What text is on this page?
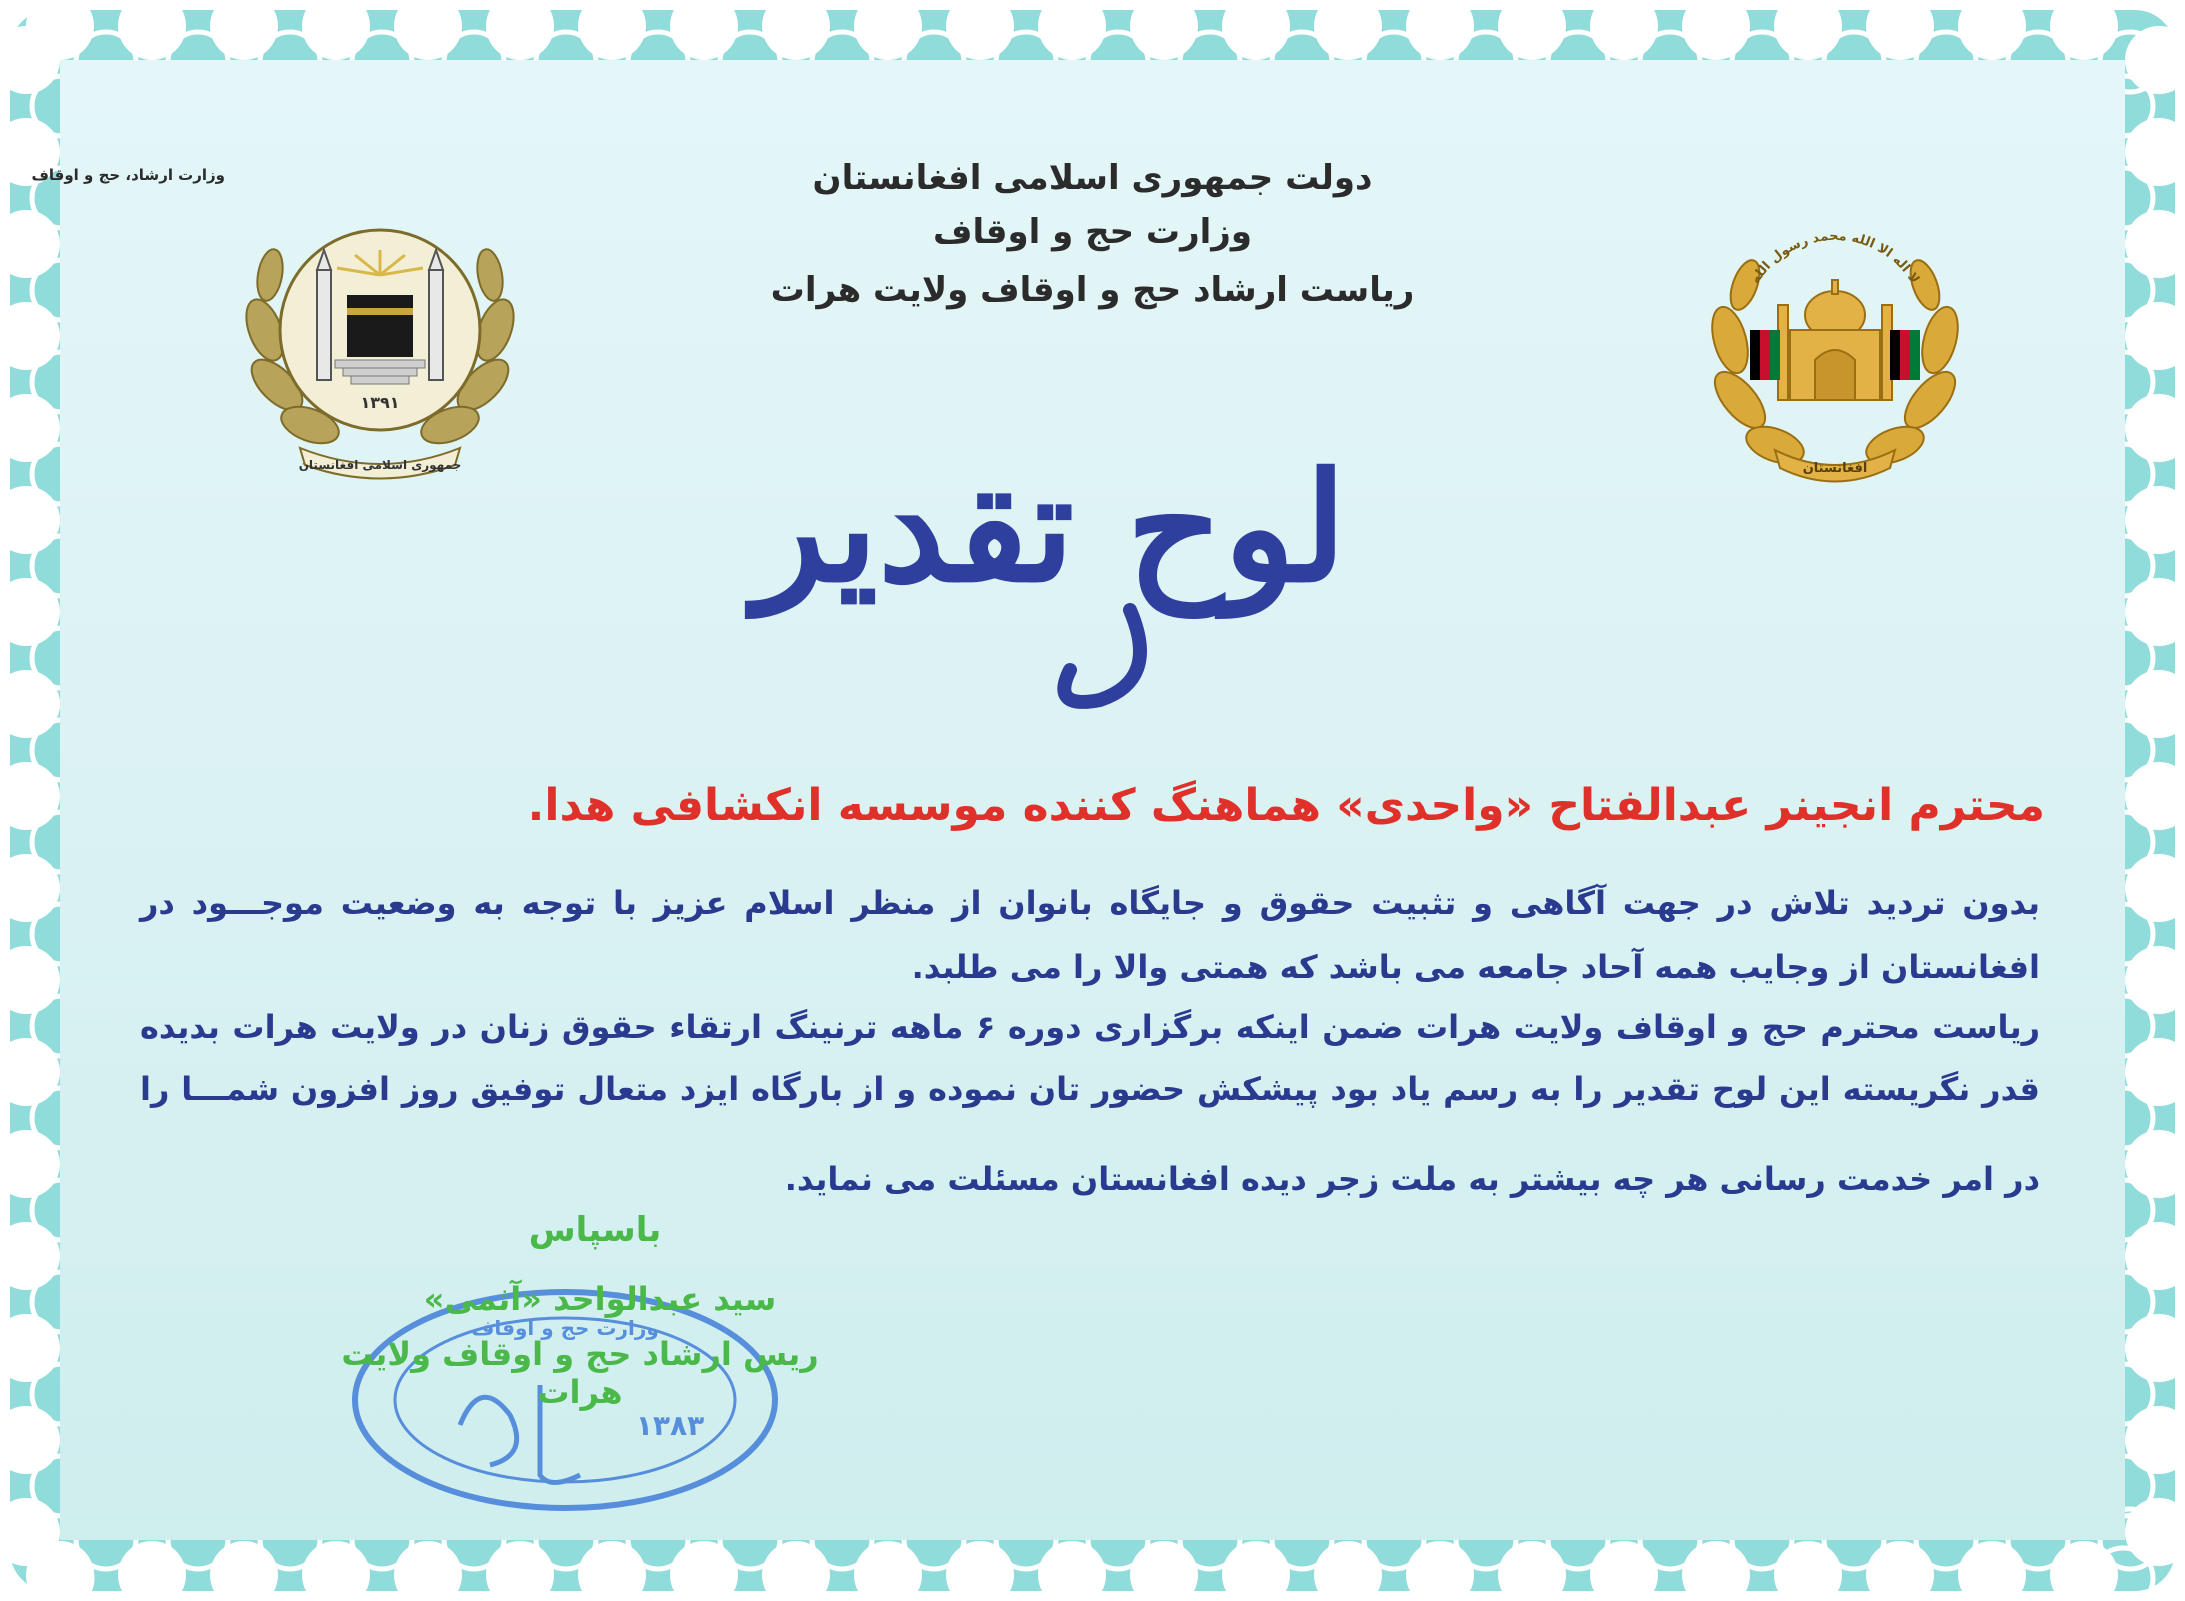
دولت جمهوری اسلامی افغانستان
وزارت حج و اوقاف
ریاست ارشاد حج و اوقاف ولایت هرات
وزارت ارشاد، حج و اوقاف
۱۳۹۱
جمهوری اسلامی افغانستان
لا اله الا الله محمد رسول الله
افغانستان
لوح تقدیر
محترم انجینر عبدالفتاح «واحدی» هماهنگ کننده موسسه انکشافی هدا.
بدون تردید تلاش در جهت آگاهی و تثبیت حقوق و جایگاه بانوان از منظر اسلام عزیز با توجه به وضعیت موجـــود در
افغانستان از وجایب همه آحاد جامعه می باشد که همتی والا را می طلبد.
ریاست محترم حج و اوقاف ولایت هرات ضمن اینکه برگزاری دوره ۶ ماهه ترنینگ ارتقاء حقوق زنان در ولایت هرات بدیده
قدر نگریسته این لوح تقدیر را به رسم یاد بود پیشکش حضور تان نموده و از بارگاه ایزد متعال توفیق روز افزون شمـــا را
در امر خدمت رسانی هر چه بیشتر به ملت زجر دیده افغانستان مسئلت می نماید.
وزارت حج و اوقاف
۱۳۸۳
باسپاس
سید عبدالواحد «آثمی»
ریس ارشاد حج و اوقاف ولایت هرات
